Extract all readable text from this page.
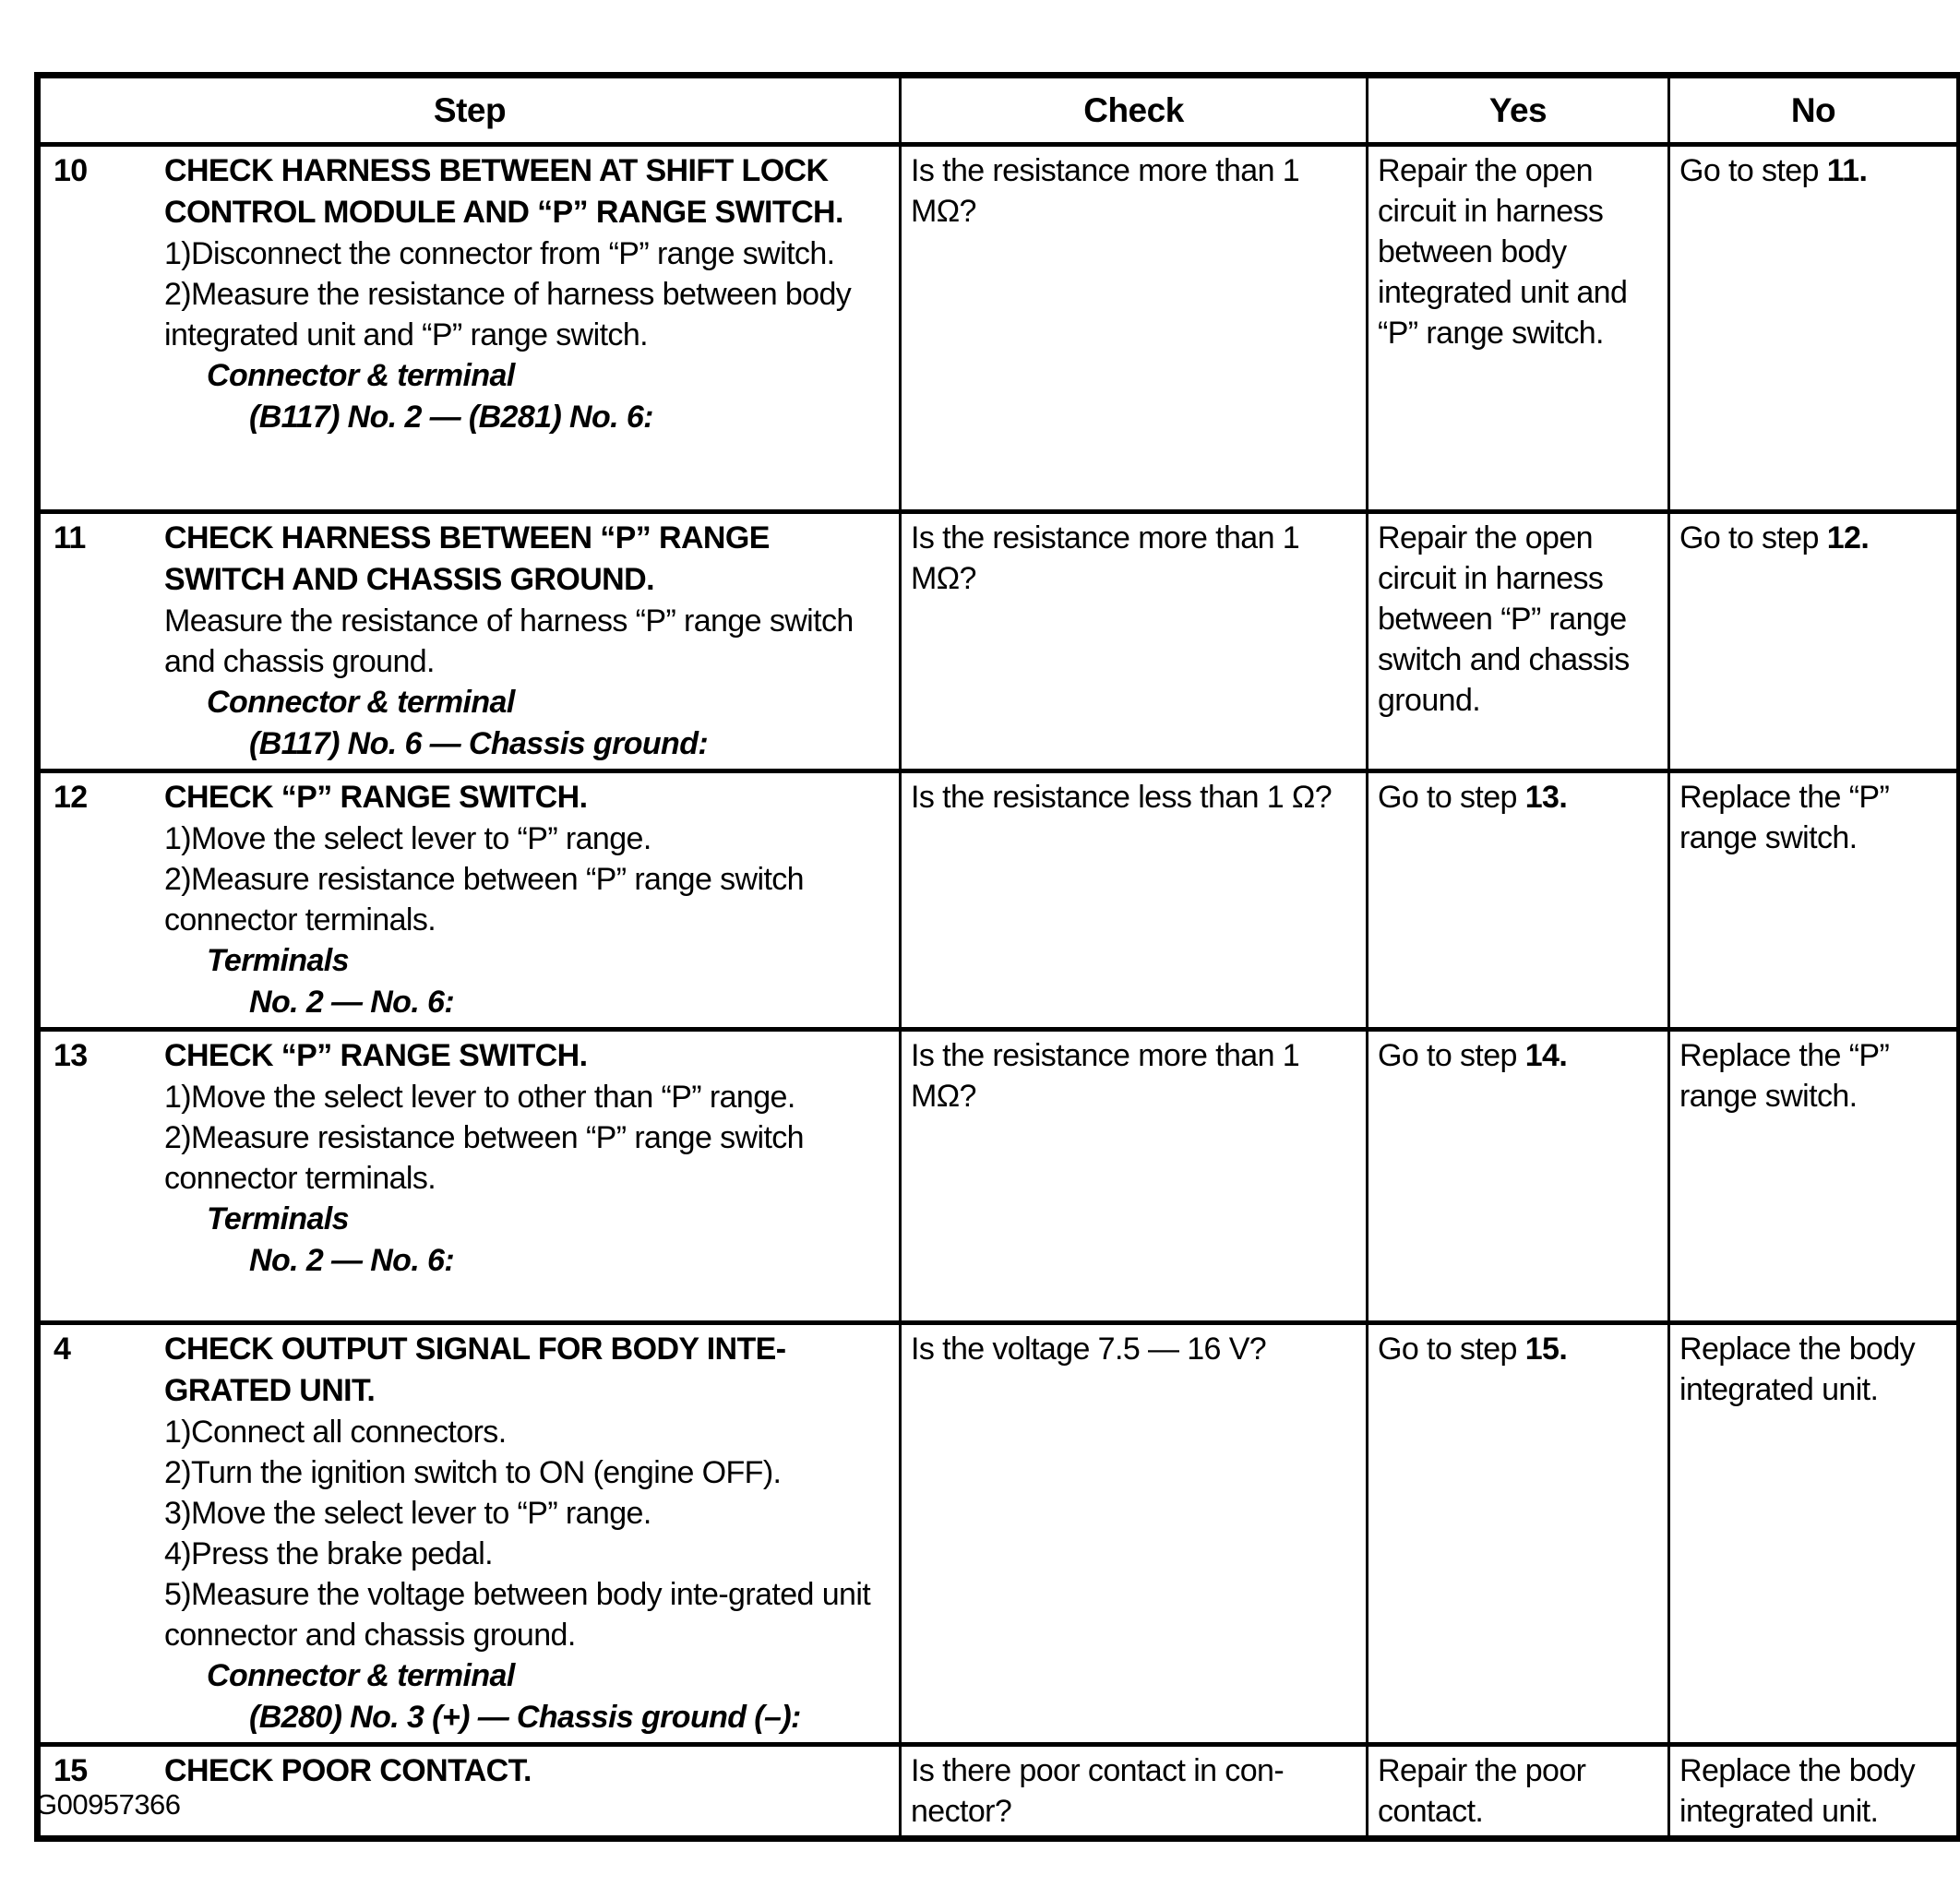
Step	Check	Yes	No

10	CHECK HARNESS BETWEEN AT SHIFT LOCK CONTROL MODULE AND “P” RANGE SWITCH.
1)Disconnect the connector from “P” range switch.
2)Measure the resistance of harness between body integrated unit and “P” range switch.
Connector & terminal
(B117) No. 2 — (B281) No. 6:
	Is the resistance more than 1 MΩ?	Repair the open circuit in harness between body integrated unit and “P” range switch.	Go to step 11.

11 CHECK HARNESS BETWEEN “P” RANGE SWITCH AND CHASSIS GROUND.
Measure the resistance of harness “P” range switch and chassis ground.
Connector & terminal
(B117) No. 6 — Chassis ground:	Is the resistance more than 1 MΩ?	Repair the open circuit in harness between “P” range switch and chassis ground.	Go to step 12.

12	CHECK “P” RANGE SWITCH.
1)Move the select lever to “P” range.
2)Measure resistance between “P” range switch connector terminals.
Terminals
No. 2 — No. 6:
	Is the resistance less than 1 Ω?	Go to step 13.	Replace the “P” range switch.

13	CHECK “P” RANGE SWITCH.
1)Move the select lever to other than “P” range.
2)Measure resistance between “P” range switch connector terminals.
Terminals
No. 2 — No. 6:
	Is the resistance more than 1 MΩ?	Go to step 14.	Replace the “P” range switch.

4	CHECK OUTPUT SIGNAL FOR BODY INTE-GRATED UNIT.
1)Connect all connectors.
2)Turn the ignition switch to ON (engine OFF).
3)Move the select lever to “P” range.
4)Press the brake pedal.
5)Measure the voltage between body inte-grated unit connector and chassis ground.
Connector & terminal
(B280) No. 3 (+) — Chassis ground (–):
	Is the voltage 7.5 — 16 V?	Go to step 15.	Replace the body integrated unit.

15 CHECK POOR CONTACT.	Is there poor contact in con-nector?	Repair the poor contact.	Replace the body integrated unit.
G00957366
